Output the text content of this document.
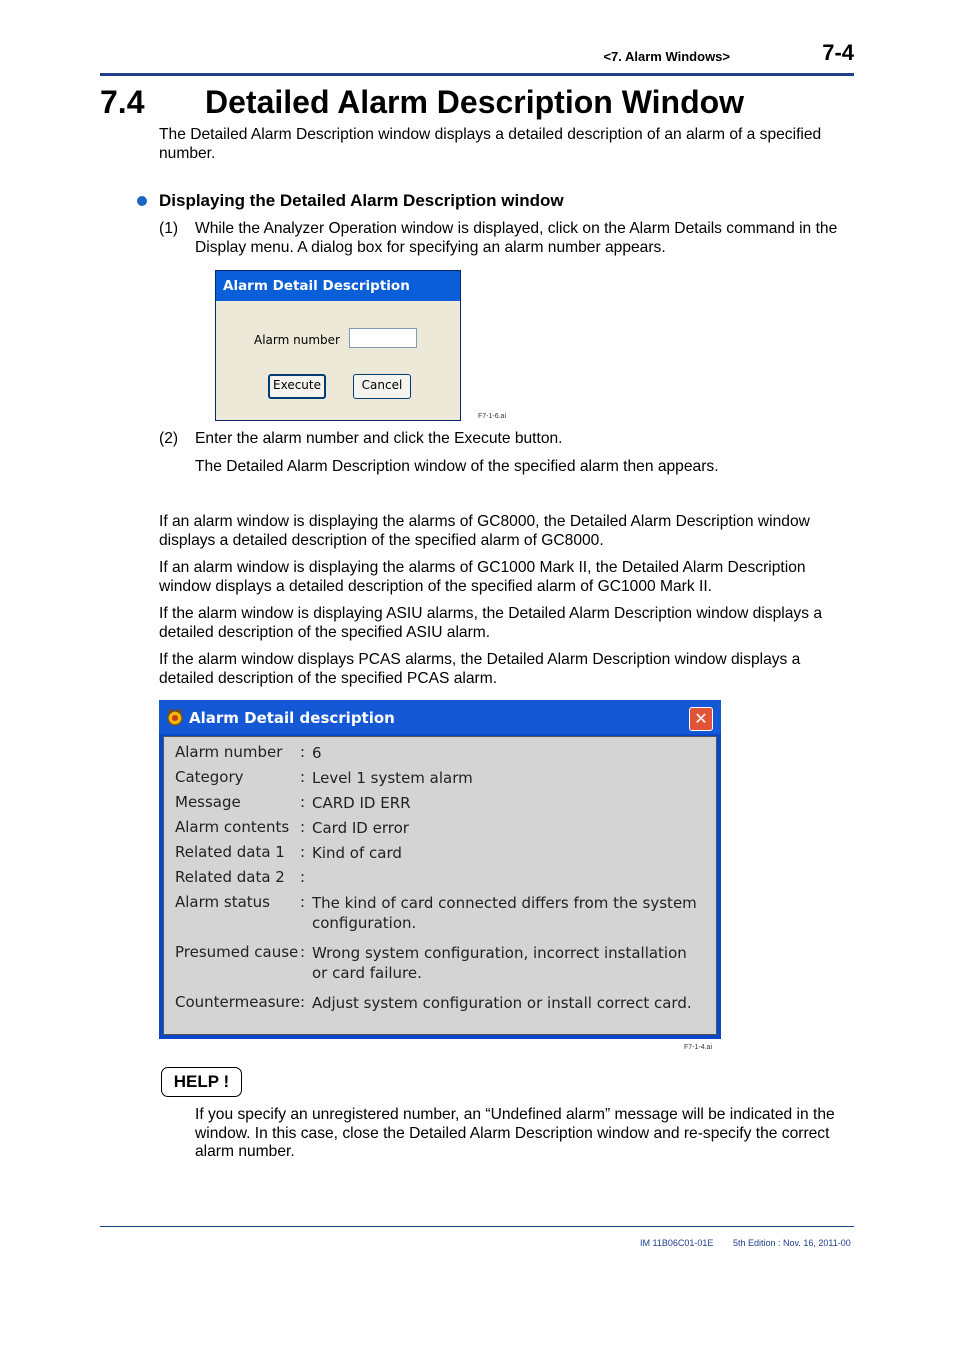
<7. Alarm Windows>	7-4
7.4 Detailed Alarm Description Window
The Detailed Alarm Description window displays a detailed description of an alarm of a specified number.
Displaying the Detailed Alarm Description window
(1) While the Analyzer Operation window is displayed, click on the Alarm Details command in the Display menu. A dialog box for specifying an alarm number appears.
Alarm Detail Description
Alarm number
Execute	Cancel
F7-1-6.ai
(2) Enter the alarm number and click the Execute button.
The Detailed Alarm Description window of the specified alarm then appears.
If an alarm window is displaying the alarms of GC8000, the Detailed Alarm Description window displays a detailed description of the specified alarm of GC8000.
If an alarm window is displaying the alarms of GC1000 Mark II, the Detailed Alarm Description window displays a detailed description of the specified alarm of GC1000 Mark II.
If the alarm window is displaying ASIU alarms, the Detailed Alarm Description window displays a detailed description of the specified ASIU alarm.
If the alarm window displays PCAS alarms, the Detailed Alarm Description window displays a detailed description of the specified PCAS alarm.
Alarm Detail description	✕
Alarm number : 6
Category	: Level 1 system alarm
Message	: CARD ID ERR
Alarm contents : Card ID error
Related data 1 : Kind of card
Related data 2 :
Alarm status : The kind of card connected differs from the system configuration.
Presumed cause : Wrong system configuration, incorrect installation or card failure.
Countermeasure : Adjust system configuration or install correct card.
F7-1-4.ai
HELP !
If you specify an unregistered number, an “Undefined alarm” message will be indicated in the window. In this case, close the Detailed Alarm Description window and re-specify the correct alarm number.
IM 11B06C01-01E 5th Edition : Nov. 16, 2011-00
